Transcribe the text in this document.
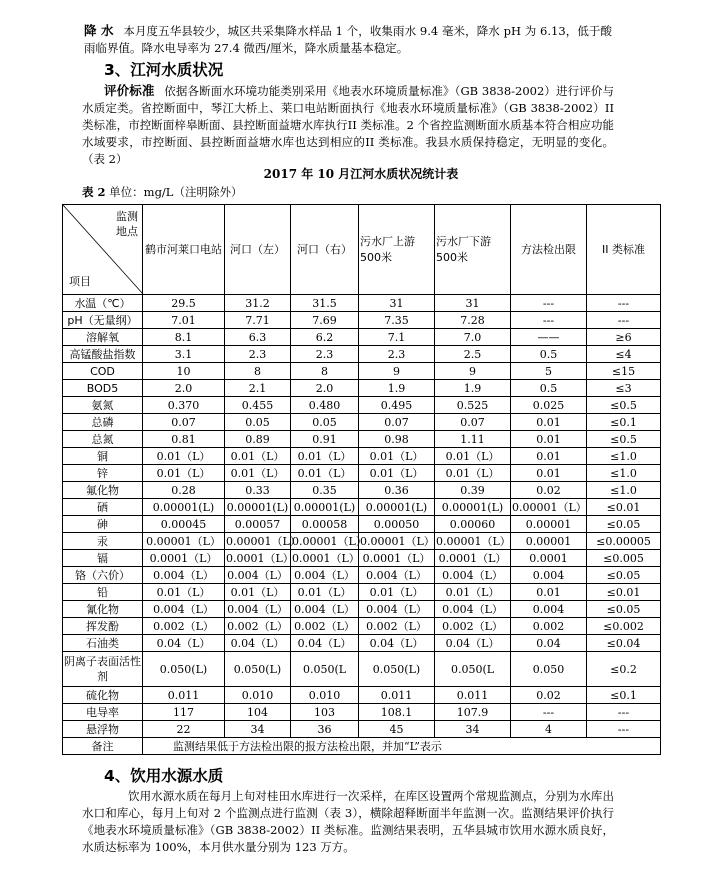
降 水 本月度五华县较少，城区共采集降水样品 1 个，收集雨水 9.4 毫米，降水 pH 为 6.13，低于酸雨临界值。降水电导率为 27.4 微西/厘米，降水质量基本稳定。

3、江河水质状况

评价标准 依据各断面水环境功能类别采用《地表水环境质量标准》（GB 3838-2002）进行评价与水质定类。省控断面中，琴江大桥上、莱口电站断面执行《地表水环境质量标准》（GB 3838-2002）II 类标准，市控断面梓皋断面、县控断面益塘水库执行II 类标准。2 个省控监测断面水质基本符合相应功能水域要求，市控断面、县控断面益塘水库也达到相应的II 类标准。我县水质保持稳定，无明显的变化。（表 2）

2017 年 10 月江河水质状况统计表

表 2 单位：mg/L（注明除外）

监测
地点
项目	鹤市河莱口电站	河口（左）	河口（右）	污水厂上游500米	污水厂下游500米	方法检出限	II 类标准
水温（℃）	29.5	31.2	31.5	31	31	---	---
pH（无量纲）	7.01	7.71	7.69	7.35	7.28	---	---
溶解氧	8.1	6.3	6.2	7.1	7.0	——	≥6
高锰酸盐指数	3.1	2.3	2.3	2.3	2.5	0.5	≤4
COD	10	8	8	9	9	5	≤15
BOD5	2.0	2.1	2.0	1.9	1.9	0.5	≤3
氨氮	0.370	0.455	0.480	0.495	0.525	0.025	≤0.5
总磷	0.07	0.05	0.05	0.07	0.07	0.01	≤0.1
总氮	0.81	0.89	0.91	0.98	1.11	0.01	≤0.5
铜	0.01（L）	0.01（L）	0.01（L）	0.01（L）	0.01（L）	0.01	≤1.0
锌	0.01（L）	0.01（L）	0.01（L）	0.01（L）	0.01（L）	0.01	≤1.0
氟化物	0.28	0.33	0.35	0.36	0.39	0.02	≤1.0
硒	0.00001(L)	0.00001(L)	0.00001(L)	0.00001(L)	0.00001(L)	0.00001（L）	≤0.01
砷	0.00045	0.00057	0.00058	0.00050	0.00060	0.00001	≤0.05
汞	0.00001（L）	0.00001（L）	0.00001（L）	0.00001（L）	0.00001（L）	0.00001	≤0.00005
镉	0.0001（L）	0.0001（L）	0.0001（L）	0.0001（L）	0.0001（L）	0.0001	≤0.005
铬（六价）	0.004（L）	0.004（L）	0.004（L）	0.004（L）	0.004（L）	0.004	≤0.05
铅	0.01（L）	0.01（L）	0.01（L）	0.01（L）	0.01（L）	0.01	≤0.01
氰化物	0.004（L）	0.004（L）	0.004（L）	0.004（L）	0.004（L）	0.004	≤0.05
挥发酚	0.002（L）	0.002（L）	0.002（L）	0.002（L）	0.002（L）	0.002	≤0.002
石油类	0.04（L）	0.04（L）	0.04（L）	0.04（L）	0.04（L）	0.04	≤0.04
阴离子表面活性剂	0.050(L)	0.050(L)	0.050(L	0.050(L)	0.050(L	0.050	≤0.2
硫化物	0.011	0.010	0.010	0.011	0.011	0.02	≤0.1
电导率	117	104	103	108.1	107.9	---	---
悬浮物	22	34	36	45	34	4	---
备注	监测结果低于方法检出限的报方法检出限，并加“L”表示						
4、饮用水源水质

饮用水源水质在每月上旬对桂田水库进行一次采样，在库区设置两个常规监测点，分别为水库出水口和库心，每月上旬对 2 个监测点进行监测（表 3），横除超释断面半年监测一次。监测结果评价执行《地表水环境质量标准》（GB 3838-2002）II 类标准。监测结果表明，五华县城市饮用水源水质良好，水质达标率为 100%，本月供水量分别为 123 万方。
